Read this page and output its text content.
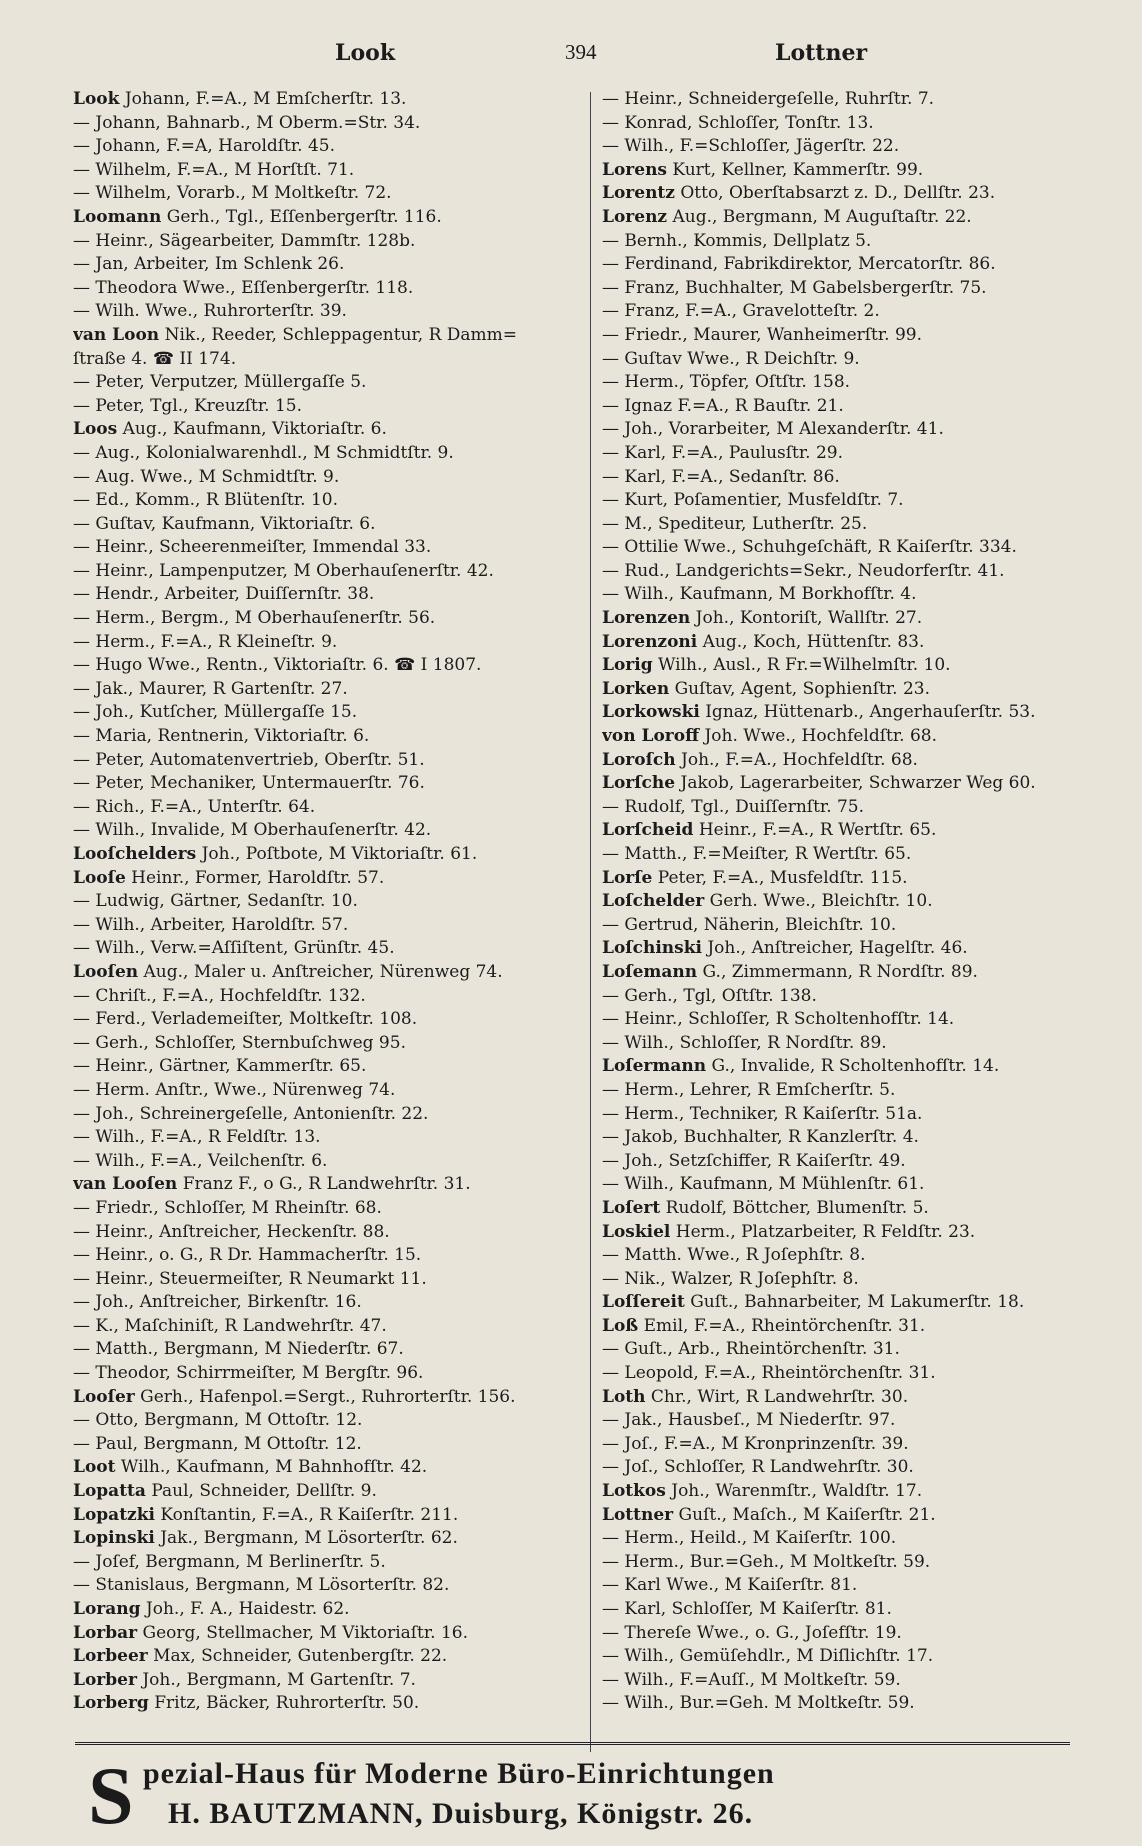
Look	394	Lottner
Look Johann, F.=A., M Emſcherſtr. 13.
— Johann, Bahnarb., M Oberm.=Str. 34.
— Johann, F.=A, Haroldſtr. 45.
— Wilhelm, F.=A., M Horſtſt. 71.
— Wilhelm, Vorarb., M Moltkeſtr. 72.
Loomann Gerh., Tgl., Eſſenbergerſtr. 116.
— Heinr., Sägearbeiter, Dammſtr. 128b.
— Jan, Arbeiter, Im Schlenk 26.
— Theodora Wwe., Eſſenbergerſtr. 118.
— Wilh. Wwe., Ruhrorterſtr. 39.
van Loon Nik., Reeder, Schleppagentur, R Damm=
ſtraße 4. ☎ II 174.
— Peter, Verputzer, Müllergaſſe 5.
— Peter, Tgl., Kreuzſtr. 15.
Loos Aug., Kaufmann, Viktoriaſtr. 6.
— Aug., Kolonialwarenhdl., M Schmidtſtr. 9.
— Aug. Wwe., M Schmidtſtr. 9.
— Ed., Komm., R Blütenſtr. 10.
— Guſtav, Kaufmann, Viktoriaſtr. 6.
— Heinr., Scheerenmeiſter, Immendal 33.
— Heinr., Lampenputzer, M Oberhauſenerſtr. 42.
— Hendr., Arbeiter, Duiſſernſtr. 38.
— Herm., Bergm., M Oberhauſenerſtr. 56.
— Herm., F.=A., R Kleineſtr. 9.
— Hugo Wwe., Rentn., Viktoriaſtr. 6. ☎ I 1807.
— Jak., Maurer, R Gartenſtr. 27.
— Joh., Kutſcher, Müllergaſſe 15.
— Maria, Rentnerin, Viktoriaſtr. 6.
— Peter, Automatenvertrieb, Oberſtr. 51.
— Peter, Mechaniker, Untermauerſtr. 76.
— Rich., F.=A., Unterſtr. 64.
— Wilh., Invalide, M Oberhauſenerſtr. 42.
Looſchelders Joh., Poſtbote, M Viktoriaſtr. 61.
Looſe Heinr., Former, Haroldſtr. 57.
— Ludwig, Gärtner, Sedanſtr. 10.
— Wilh., Arbeiter, Haroldſtr. 57.
— Wilh., Verw.=Aſſiſtent, Grünſtr. 45.
Looſen Aug., Maler u. Anſtreicher, Nürenweg 74.
— Chriſt., F.=A., Hochfeldſtr. 132.
— Ferd., Verlademeiſter, Moltkeſtr. 108.
— Gerh., Schloſſer, Sternbuſchweg 95.
— Heinr., Gärtner, Kammerſtr. 65.
— Herm. Anſtr., Wwe., Nürenweg 74.
— Joh., Schreinergeſelle, Antonienſtr. 22.
— Wilh., F.=A., R Feldſtr. 13.
— Wilh., F.=A., Veilchenſtr. 6.
van Looſen Franz F., o G., R Landwehrſtr. 31.
— Friedr., Schloſſer, M Rheinſtr. 68.
— Heinr., Anſtreicher, Heckenſtr. 88.
— Heinr., o. G., R Dr. Hammacherſtr. 15.
— Heinr., Steuermeiſter, R Neumarkt 11.
— Joh., Anſtreicher, Birkenſtr. 16.
— K., Maſchiniſt, R Landwehrſtr. 47.
— Matth., Bergmann, M Niederſtr. 67.
— Theodor, Schirrmeiſter, M Bergſtr. 96.
Looſer Gerh., Hafenpol.=Sergt., Ruhrorterſtr. 156.
— Otto, Bergmann, M Ottoſtr. 12.
— Paul, Bergmann, M Ottoſtr. 12.
Loot Wilh., Kaufmann, M Bahnhofſtr. 42.
Lopatta Paul, Schneider, Dellſtr. 9.
Lopatzki Konſtantin, F.=A., R Kaiſerſtr. 211.
Lopinski Jak., Bergmann, M Lösorterſtr. 62.
— Joſef, Bergmann, M Berlinerſtr. 5.
— Stanislaus, Bergmann, M Lösorterſtr. 82.
Lorang Joh., F. A., Haidestr. 62.
Lorbar Georg, Stellmacher, M Viktoriaſtr. 16.
Lorbeer Max, Schneider, Gutenbergſtr. 22.
Lorber Joh., Bergmann, M Gartenſtr. 7.
Lorberg Fritz, Bäcker, Ruhrorterſtr. 50.
— Heinr., Schneidergeſelle, Ruhrſtr. 7.
— Konrad, Schloſſer, Tonſtr. 13.
— Wilh., F.=Schloſſer, Jägerſtr. 22.
Lorens Kurt, Kellner, Kammerſtr. 99.
Lorentz Otto, Oberſtabsarzt z. D., Dellſtr. 23.
Lorenz Aug., Bergmann, M Auguſtaſtr. 22.
— Bernh., Kommis, Dellplatz 5.
— Ferdinand, Fabrikdirektor, Mercatorſtr. 86.
— Franz, Buchhalter, M Gabelsbergerſtr. 75.
— Franz, F.=A., Gravelotteſtr. 2.
— Friedr., Maurer, Wanheimerſtr. 99.
— Guſtav Wwe., R Deichſtr. 9.
— Herm., Töpfer, Oſtſtr. 158.
— Ignaz F.=A., R Bauſtr. 21.
— Joh., Vorarbeiter, M Alexanderſtr. 41.
— Karl, F.=A., Paulusſtr. 29.
— Karl, F.=A., Sedanſtr. 86.
— Kurt, Poſamentier, Musfeldſtr. 7.
— M., Spediteur, Lutherſtr. 25.
— Ottilie Wwe., Schuhgeſchäft, R Kaiſerſtr. 334.
— Rud., Landgerichts=Sekr., Neudorferſtr. 41.
— Wilh., Kaufmann, M Borkhofſtr. 4.
Lorenzen Joh., Kontoriſt, Wallſtr. 27.
Lorenzoni Aug., Koch, Hüttenſtr. 83.
Lorig Wilh., Ausl., R Fr.=Wilhelmſtr. 10.
Lorken Guſtav, Agent, Sophienſtr. 23.
Lorkowski Ignaz, Hüttenarb., Angerhauſerſtr. 53.
von Loroff Joh. Wwe., Hochfeldſtr. 68.
Loroſch Joh., F.=A., Hochfeldſtr. 68.
Lorſche Jakob, Lagerarbeiter, Schwarzer Weg 60.
— Rudolf, Tgl., Duiſſernſtr. 75.
Lorſcheid Heinr., F.=A., R Wertſtr. 65.
— Matth., F.=Meiſter, R Wertſtr. 65.
Lorſe Peter, F.=A., Musfeldſtr. 115.
Loſchelder Gerh. Wwe., Bleichſtr. 10.
— Gertrud, Näherin, Bleichſtr. 10.
Loſchinski Joh., Anſtreicher, Hagelſtr. 46.
Loſemann G., Zimmermann, R Nordſtr. 89.
— Gerh., Tgl, Oſtſtr. 138.
— Heinr., Schloſſer, R Scholtenhofſtr. 14.
— Wilh., Schloſſer, R Nordſtr. 89.
Loſermann G., Invalide, R Scholtenhofſtr. 14.
— Herm., Lehrer, R Emſcherſtr. 5.
— Herm., Techniker, R Kaiſerſtr. 51a.
— Jakob, Buchhalter, R Kanzlerſtr. 4.
— Joh., Setzſchiffer, R Kaiſerſtr. 49.
— Wilh., Kaufmann, M Mühlenſtr. 61.
Loſert Rudolf, Böttcher, Blumenſtr. 5.
Loskiel Herm., Platzarbeiter, R Feldſtr. 23.
— Matth. Wwe., R Joſephſtr. 8.
— Nik., Walzer, R Joſephſtr. 8.
Loſſereit Guſt., Bahnarbeiter, M Lakumerſtr. 18.
Loß Emil, F.=A., Rheintörchenſtr. 31.
— Guſt., Arb., Rheintörchenſtr. 31.
— Leopold, F.=A., Rheintörchenſtr. 31.
Loth Chr., Wirt, R Landwehrſtr. 30.
— Jak., Hausbeſ., M Niederſtr. 97.
— Joſ., F.=A., M Kronprinzenſtr. 39.
— Joſ., Schloſſer, R Landwehrſtr. 30.
Lotkos Joh., Warenmſtr., Waldſtr. 17.
Lottner Guſt., Maſch., M Kaiſerſtr. 21.
— Herm., Heild., M Kaiſerſtr. 100.
— Herm., Bur.=Geh., M Moltkeſtr. 59.
— Karl Wwe., M Kaiſerſtr. 81.
— Karl, Schloſſer, M Kaiſerſtr. 81.
— Thereſe Wwe., o. G., Joſefſtr. 19.
— Wilh., Gemüſehdlr., M Diſlichſtr. 17.
— Wilh., F.=Auſſ., M Moltkeſtr. 59.
— Wilh., Bur.=Geh. M Moltkeſtr. 59.
S pezial-Haus für Moderne Büro-Einrichtungen
H. BAUTZMANN, Duisburg, Königstr. 26.
